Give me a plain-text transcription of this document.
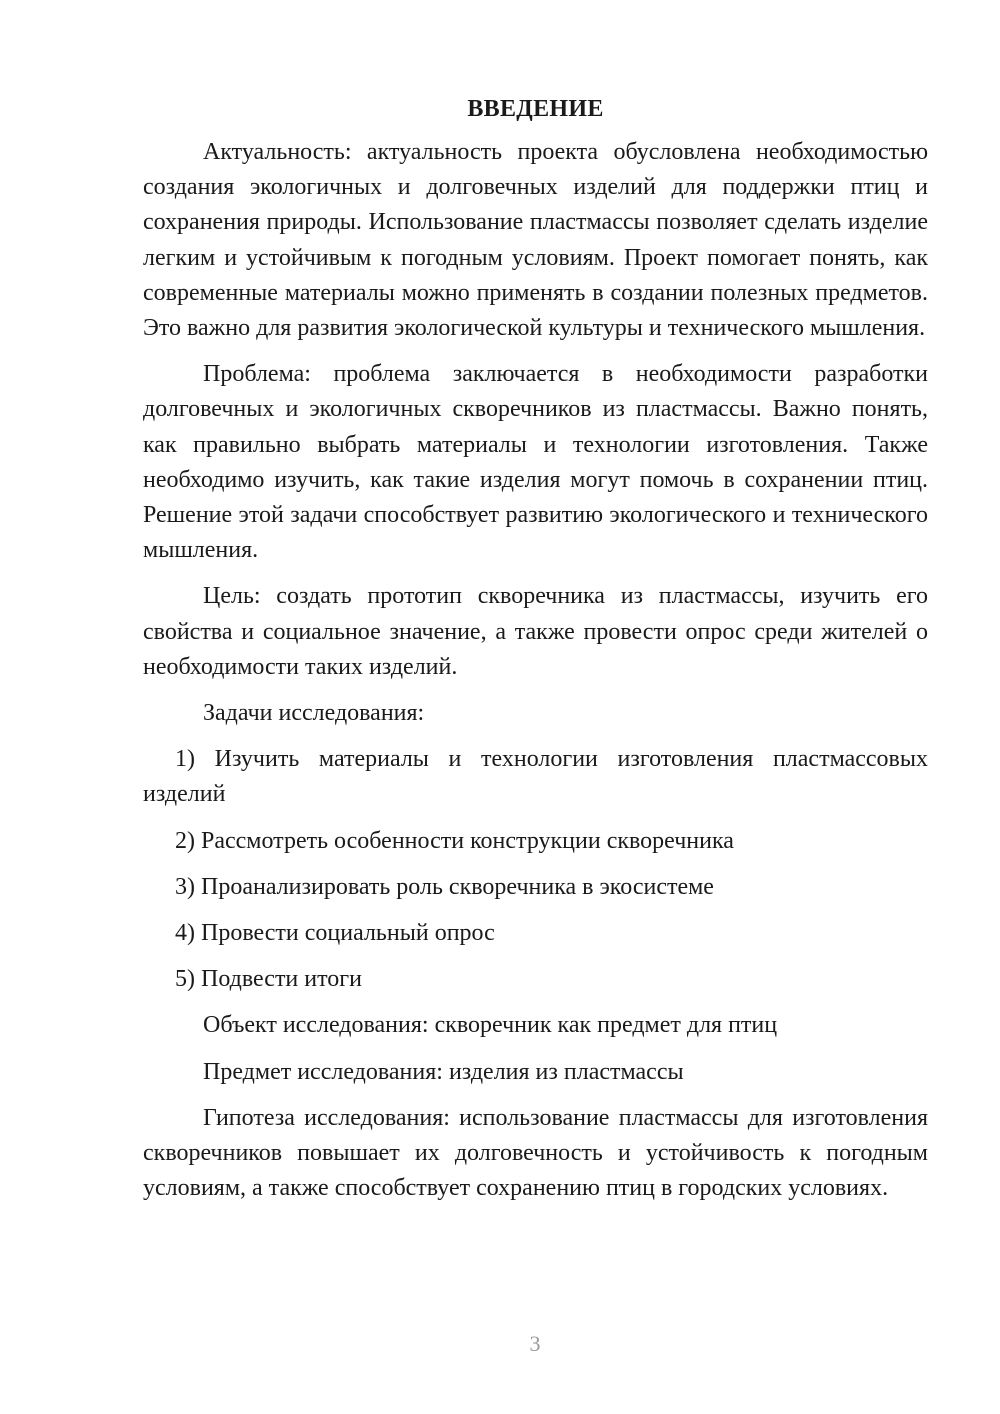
ВВЕДЕНИЕ

Актуальность: актуальность проекта обусловлена необходимостью создания экологичных и долговечных изделий для поддержки птиц и сохранения природы. Использование пластмассы позволяет сделать изделие легким и устойчивым к погодным условиям. Проект помогает понять, как современные материалы можно применять в создании полезных предметов. Это важно для развития экологической культуры и технического мышления.

Проблема: проблема заключается в необходимости разработки долговечных и экологичных скворечников из пластмассы. Важно понять, как правильно выбрать материалы и технологии изготовления. Также необходимо изучить, как такие изделия могут помочь в сохранении птиц. Решение этой задачи способствует развитию экологического и технического мышления.

Цель: создать прототип скворечника из пластмассы, изучить его свойства и социальное значение, а также провести опрос среди жителей о необходимости таких изделий.

Задачи исследования:

1) Изучить материалы и технологии изготовления пластмассовых изделий

2) Рассмотреть особенности конструкции скворечника

3) Проанализировать роль скворечника в экосистеме

4) Провести социальный опрос

5) Подвести итоги

Объект исследования: скворечник как предмет для птиц

Предмет исследования: изделия из пластмассы

Гипотеза исследования: использование пластмассы для изготовления скворечников повышает их долговечность и устойчивость к погодным условиям, а также способствует сохранению птиц в городских условиях.

3
